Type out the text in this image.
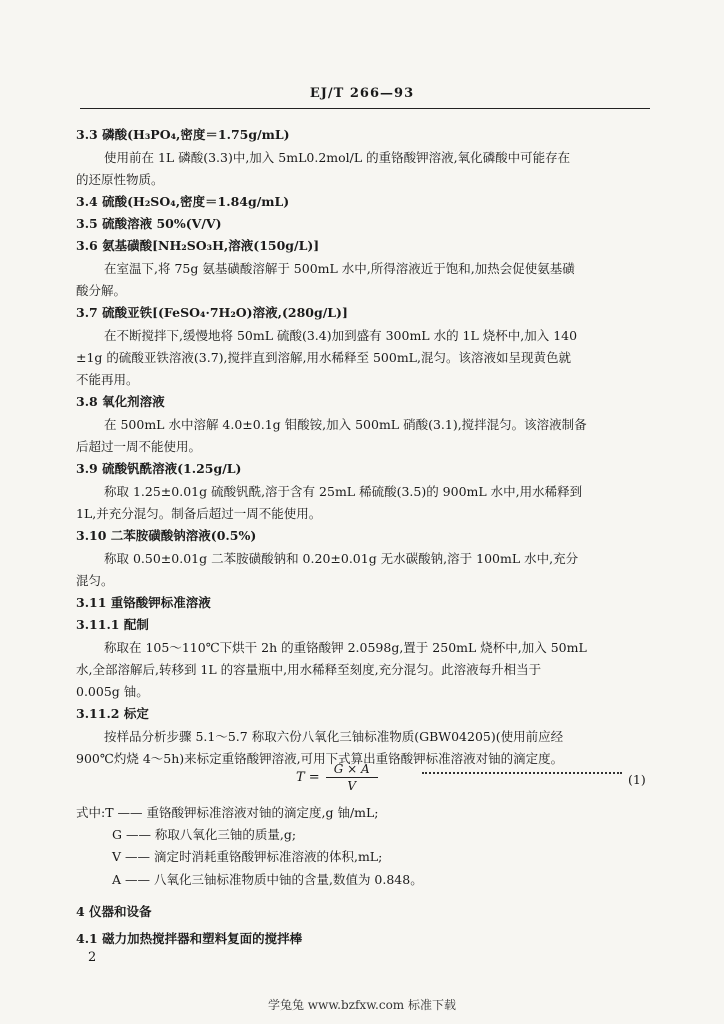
EJ/T 266—93
3.3 磷酸(H₃PO₄,密度＝1.75g/mL)
使用前在 1L 磷酸(3.3)中,加入 5mL0.2mol/L 的重铬酸钾溶液,氧化磷酸中可能存在
的还原性物质。
3.4 硫酸(H₂SO₄,密度＝1.84g/mL)
3.5 硫酸溶液 50%(V/V)
3.6 氨基磺酸[NH₂SO₃H,溶液(150g/L)]
在室温下,将 75g 氨基磺酸溶解于 500mL 水中,所得溶液近于饱和,加热会促使氨基磺
酸分解。
3.7 硫酸亚铁[(FeSO₄·7H₂O)溶液,(280g/L)]
在不断搅拌下,缓慢地将 50mL 硫酸(3.4)加到盛有 300mL 水的 1L 烧杯中,加入 140
±1g 的硫酸亚铁溶液(3.7),搅拌直到溶解,用水稀释至 500mL,混匀。该溶液如呈现黄色就
不能再用。
3.8 氧化剂溶液
在 500mL 水中溶解 4.0±0.1g 钼酸铵,加入 500mL 硝酸(3.1),搅拌混匀。该溶液制备
后超过一周不能使用。
3.9 硫酸钒酰溶液(1.25g/L)
称取 1.25±0.01g 硫酸钒酰,溶于含有 25mL 稀硫酸(3.5)的 900mL 水中,用水稀释到
1L,并充分混匀。制备后超过一周不能使用。
3.10 二苯胺磺酸钠溶液(0.5%)
称取 0.50±0.01g 二苯胺磺酸钠和 0.20±0.01g 无水碳酸钠,溶于 100mL 水中,充分
混匀。
3.11 重铬酸钾标准溶液
3.11.1 配制
称取在 105～110℃下烘干 2h 的重铬酸钾 2.0598g,置于 250mL 烧杯中,加入 50mL
水,全部溶解后,转移到 1L 的容量瓶中,用水稀释至刻度,充分混匀。此溶液每升相当于
0.005g 铀。
3.11.2 标定
按样品分析步骤 5.1～5.7 称取六份八氧化三铀标准物质(GBW04205)(使用前应经
900℃灼烧 4～5h)来标定重铬酸钾溶液,可用下式算出重铬酸钾标准溶液对铀的滴定度。
$T = \frac{G \times A}{V}$	(1)
式中:T —— 重铬酸钾标准溶液对铀的滴定度,g 铀/mL;
G —— 称取八氧化三铀的质量,g;
V —— 滴定时消耗重铬酸钾标准溶液的体积,mL;
A —— 八氧化三铀标准物质中铀的含量,数值为 0.848。
4 仪器和设备
4.1 磁力加热搅拌器和塑料复面的搅拌棒
2
学兔兔 www.bzfxw.com 标准下载
